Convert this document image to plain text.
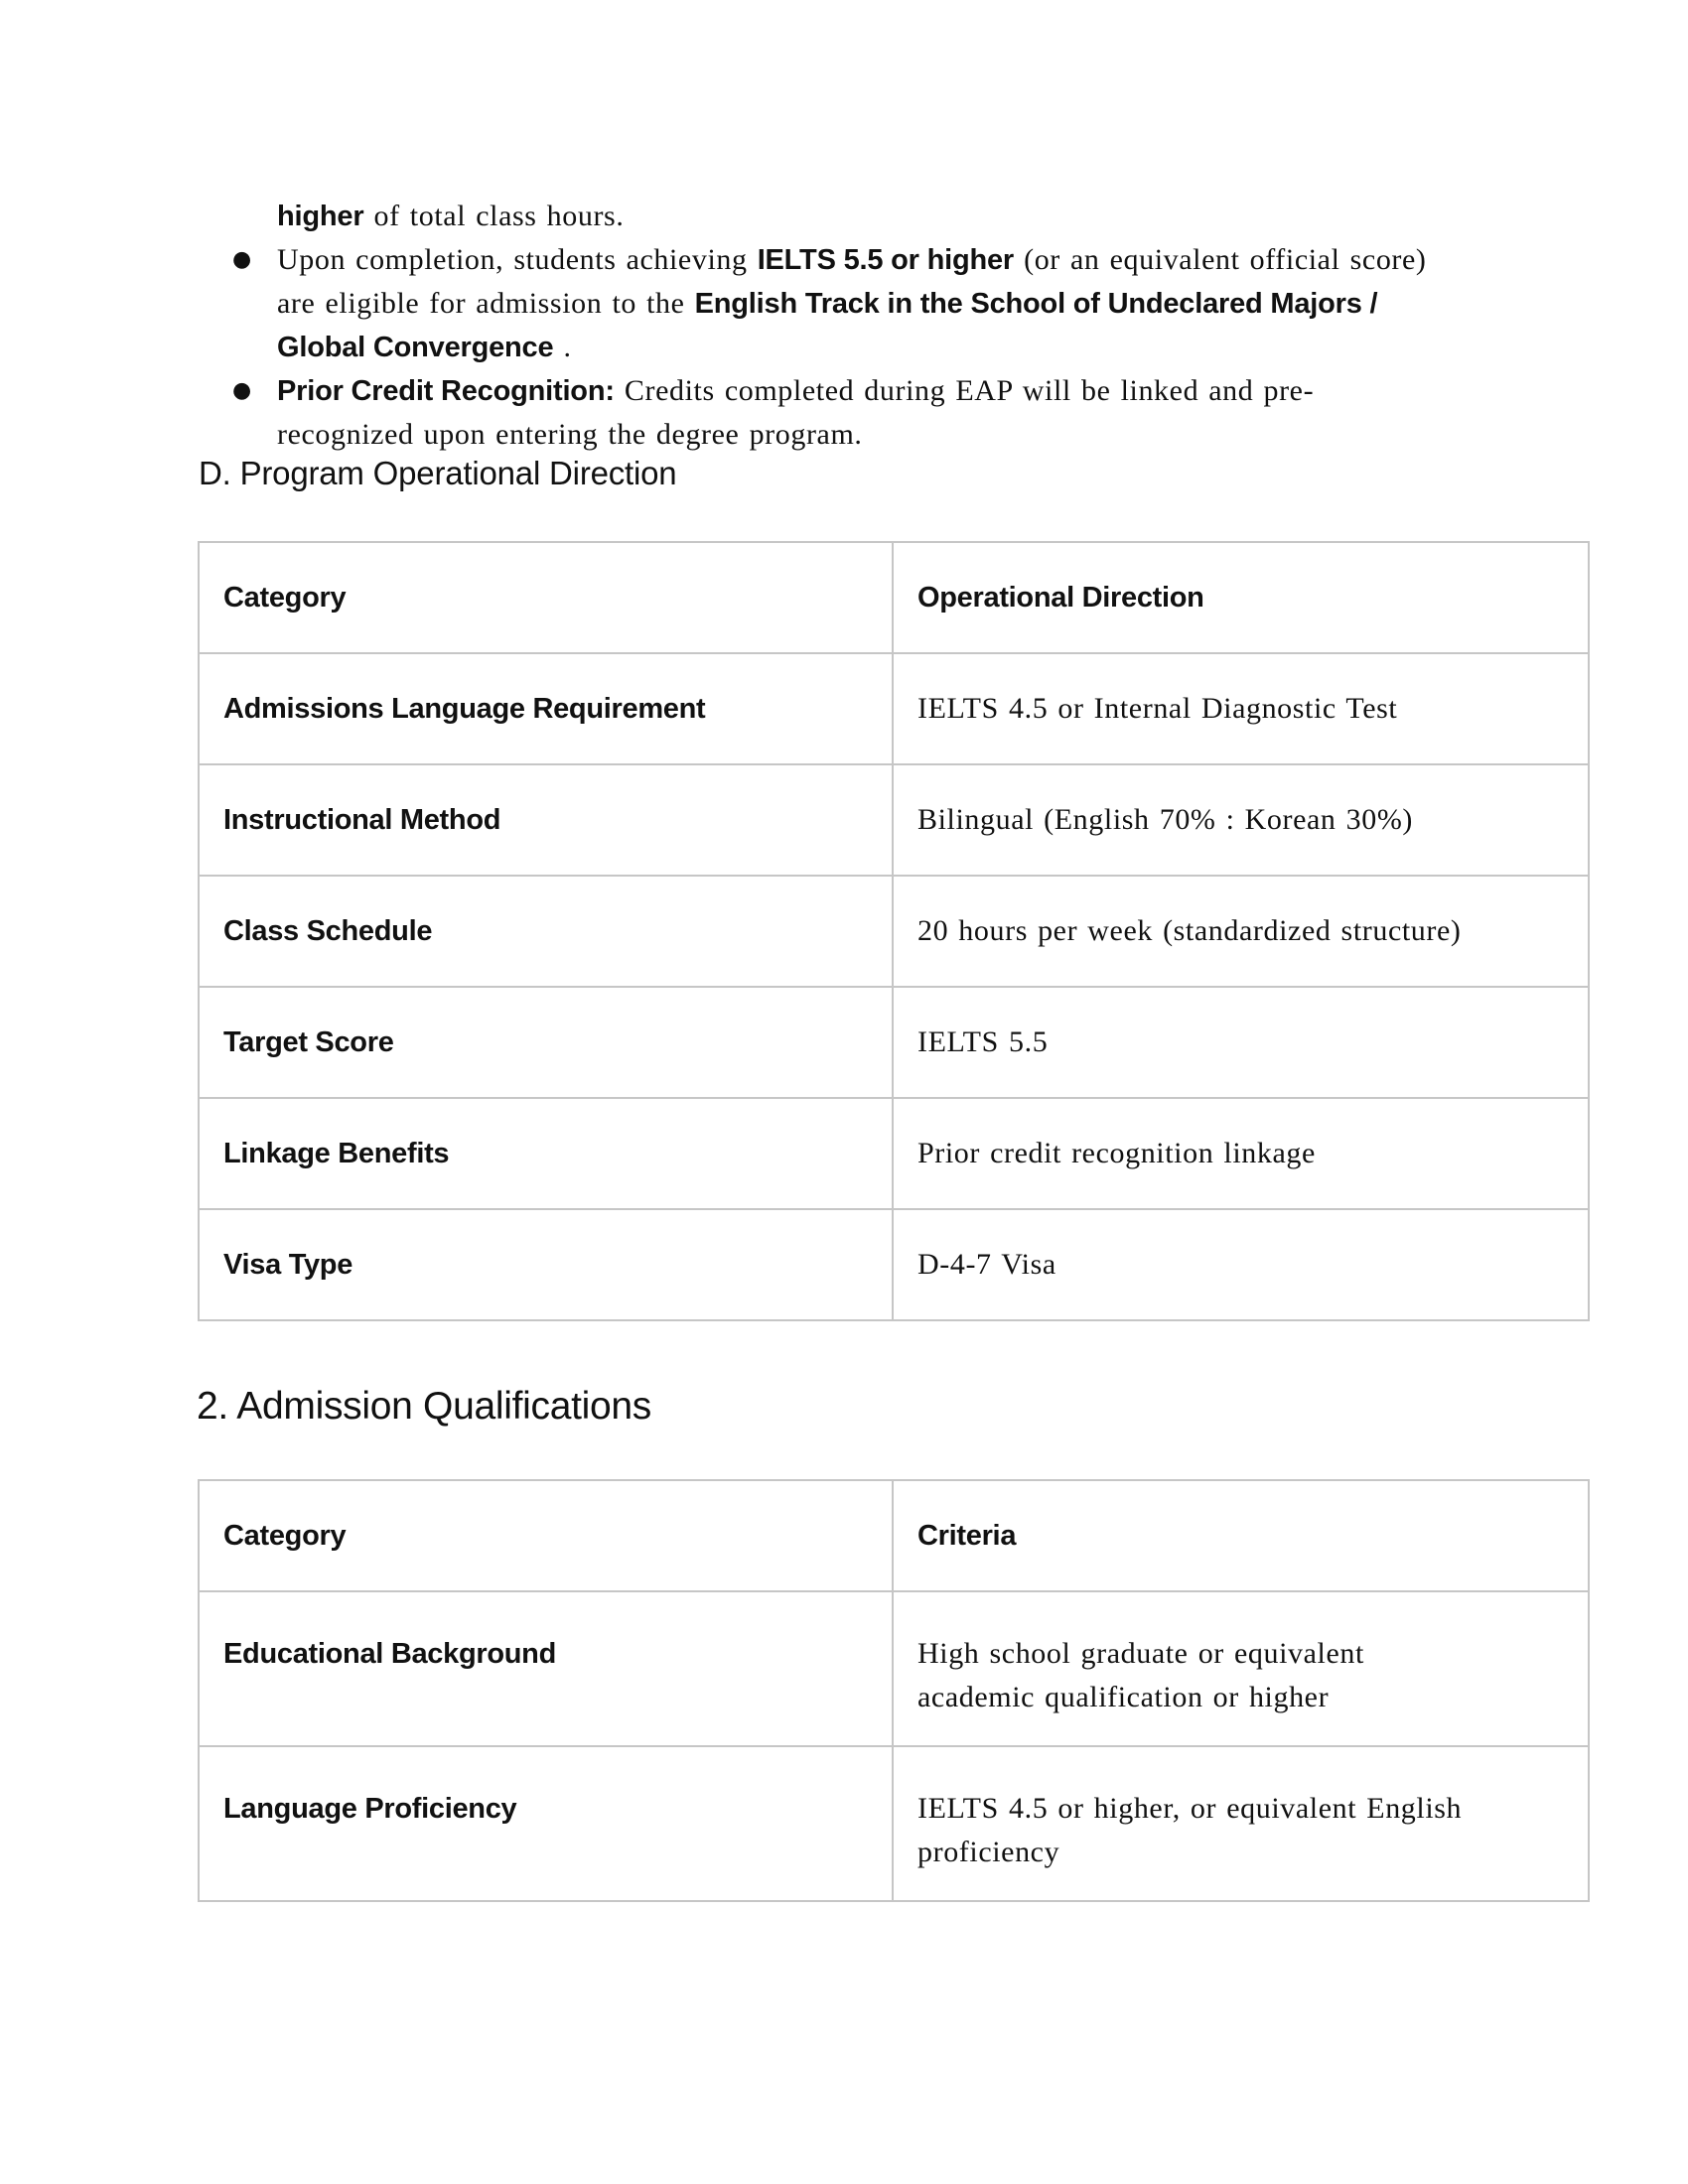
higher of total class hours.
● Upon completion, students achieving IELTS 5.5 or higher (or an equivalent official score)
are eligible for admission to the English Track in the School of Undeclared Majors /
Global Convergence .
● Prior Credit Recognition: Credits completed during EAP will be linked and pre-
recognized upon entering the degree program.
D. Program Operational Direction
Category	Operational Direction
Admissions Language Requirement	IELTS 4.5 or Internal Diagnostic Test
Instructional Method	Bilingual (English 70% : Korean 30%)
Class Schedule	20 hours per week (standardized structure)
Target Score	IELTS 5.5
Linkage Benefits	Prior credit recognition linkage
Visa Type	D-4-7 Visa
2. Admission Qualifications
Category	Criteria
Educational Background	High school graduate or equivalent
academic qualification or higher

Language Proficiency	IELTS 4.5 or higher, or equivalent English
proficiency
